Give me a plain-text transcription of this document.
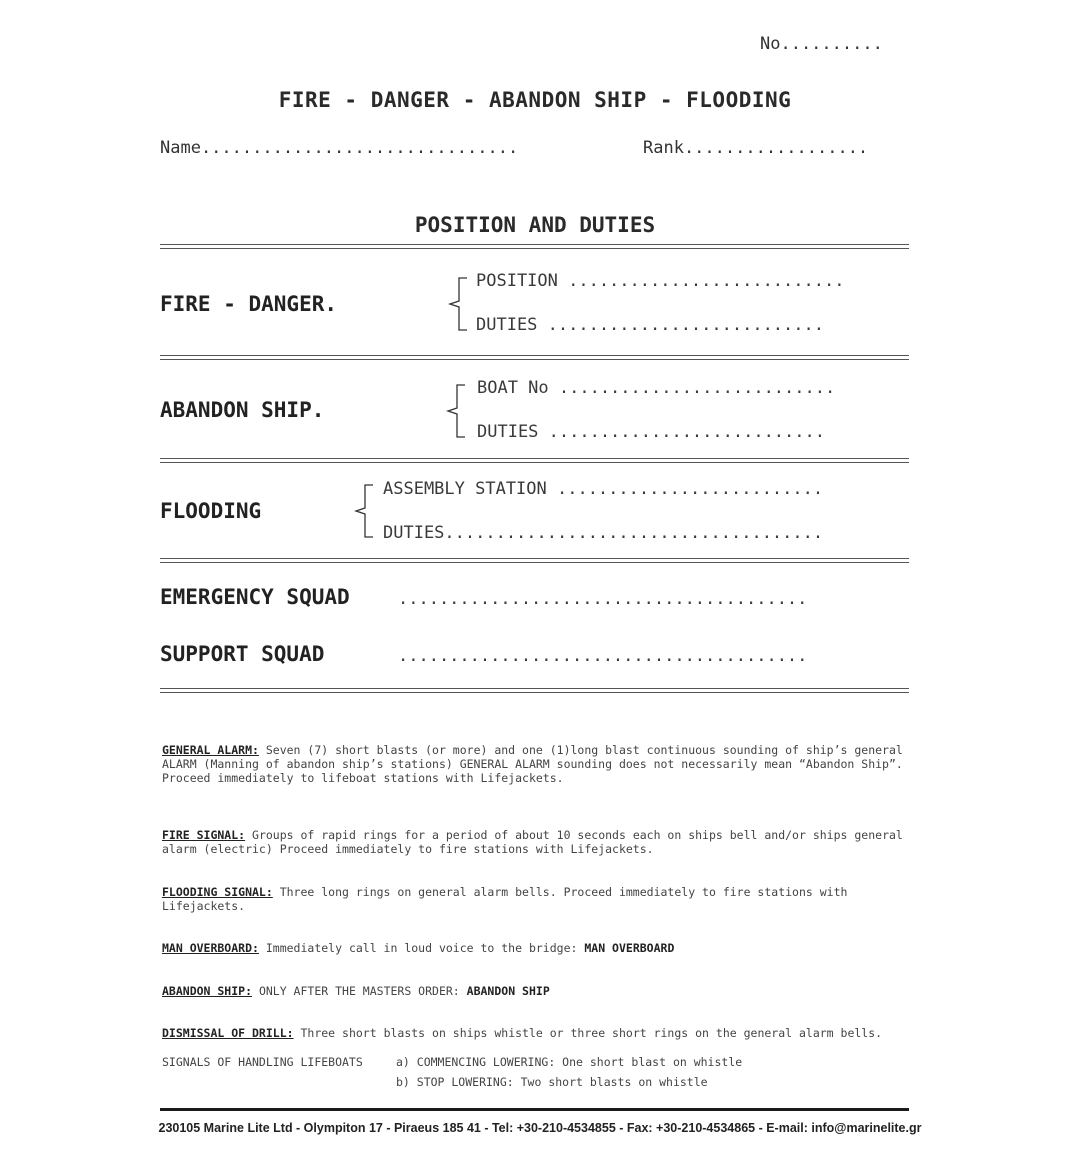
No..........
FIRE - DANGER - ABANDON SHIP - FLOODING
Name...............................	Rank..................
POSITION AND DUTIES
FIRE - DANGER.
POSITION ...........................
DUTIES ...........................
ABANDON SHIP.
BOAT No ...........................
DUTIES ...........................
FLOODING
ASSEMBLY STATION ..........................
DUTIES.....................................
EMERGENCY SQUAD	........................................
SUPPORT SQUAD	........................................
GENERAL ALARM: Seven (7) short blasts (or more) and one (1)long blast continuous sounding of ship’s general ALARM (Manning of abandon ship’s stations) GENERAL ALARM sounding does not necessarily mean “Abandon Ship”. Proceed immediately to lifeboat stations with Lifejackets.
FIRE SIGNAL: Groups of rapid rings for a period of about 10 seconds each on ships bell and/or ships general alarm (electric) Proceed immediately to fire stations with Lifejackets.
FLOODING SIGNAL: Three long rings on general alarm bells. Proceed immediately to fire stations with Lifejackets.
MAN OVERBOARD: Immediately call in loud voice to the bridge: MAN OVERBOARD
ABANDON SHIP: ONLY AFTER THE MASTERS ORDER: ABANDON SHIP
DISMISSAL OF DRILL: Three short blasts on ships whistle or three short rings on the general alarm bells.
SIGNALS OF HANDLING LIFEBOATS	a) COMMENCING LOWERING: One short blast on whistle
b) STOP LOWERING: Two short blasts on whistle
230105 Marine Lite Ltd - Olympiton 17 - Piraeus 185 41 - Tel: +30-210-4534855 - Fax: +30-210-4534865 - E-mail: info@marinelite.gr
